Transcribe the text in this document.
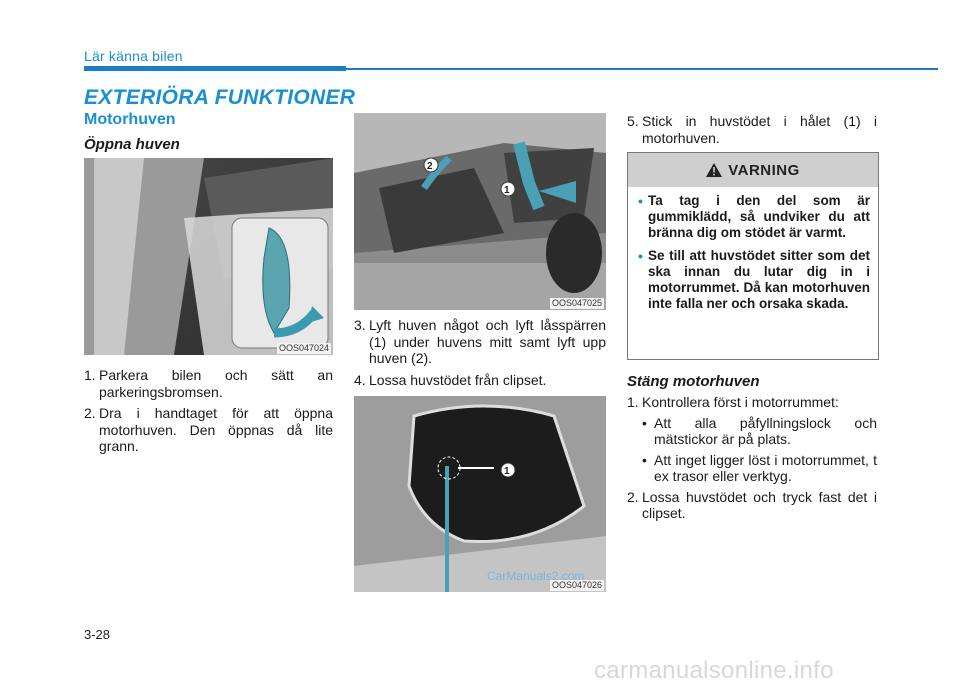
Lär känna bilen
EXTERIÖRA FUNKTIONER
Motorhuven
Öppna huven
OOS047024
1. Parkera bilen och sätt an parkeringsbromsen.
2. Dra i handtaget för att öppna motorhuven. Den öppnas då lite grann.
1
2
OOS047025
3. Lyft huven något och lyft låsspärren (1) under huvens mitt samt lyft upp huven (2).
4. Lossa huvstödet från clipset.
1
OOS047026
5. Stick in huvstödet i hålet (1) i motorhuven.
VARNING
• Ta tag i den del som är gummiklädd, så undviker du att bränna dig om stödet är varmt.
• Se till att huvstödet sitter som det ska innan du lutar dig in i motorrummet. Då kan motorhuven inte falla ner och orsaka skada.
Stäng motorhuven
1. Kontrollera först i motorrummet:
• Att alla påfyllningslock och mätstickor är på plats.
• Att inget ligger löst i motorrummet, t ex trasor eller verktyg.
2. Lossa huvstödet och tryck fast det i clipset.
CarManuals2.com
3-28
carmanualsonline.info
